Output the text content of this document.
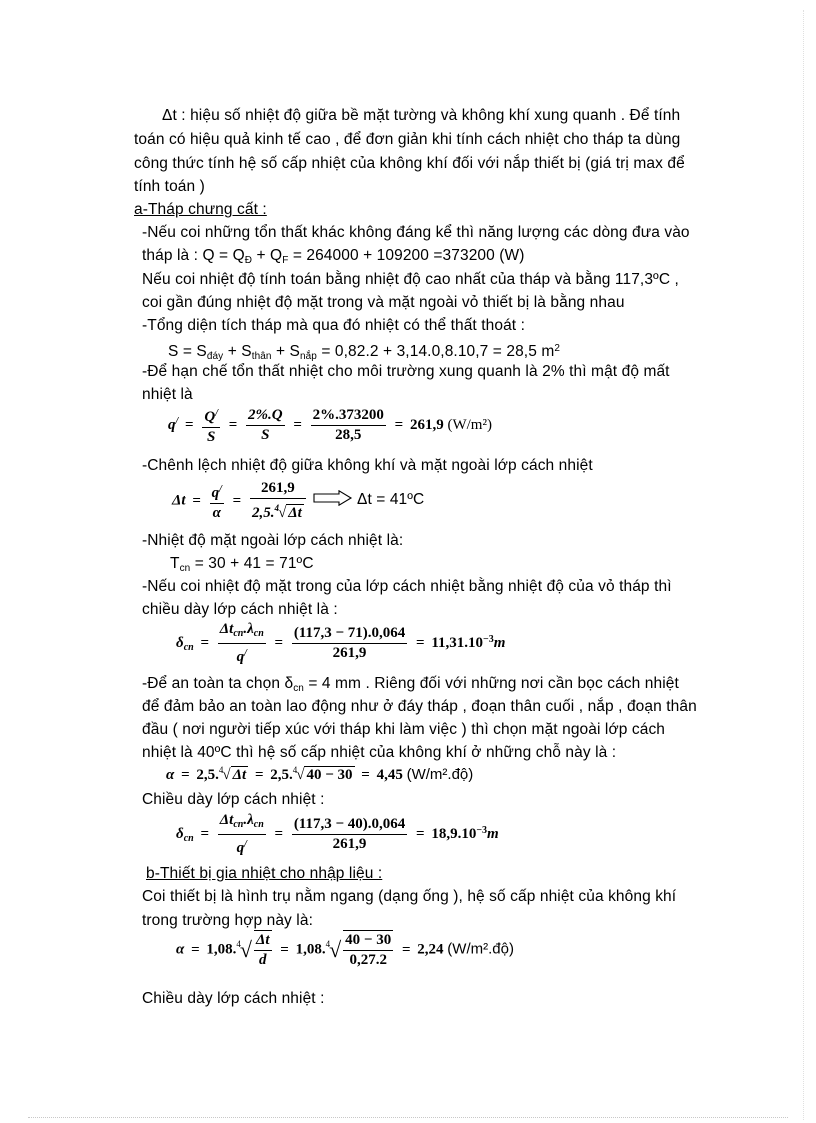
Δt : hiệu số nhiệt độ giữa bề mặt tường và không khí xung quanh . Để tính
toán có hiệu quả kinh tế cao , để đơn giản khi tính cách nhiệt cho tháp ta dùng
công thức tính hệ số cấp nhiệt của không khí đối với nắp thiết bị (giá trị max để
tính toán )
a-Tháp chưng cất :
-Nếu coi những tổn thất khác không đáng kể thì năng lượng các dòng đưa vào
tháp là : $Q = Q_Đ + Q_F = 264000 + 109200 =373200$ (W)
Nếu coi nhiệt độ tính toán bằng nhiệt độ cao nhất của tháp và bằng 117,3ºC ,
coi gần đúng nhiệt độ mặt trong và mặt ngoài vỏ thiết bị là bằng nhau
-Tổng diện tích tháp mà qua đó nhiệt có thể thất thoát :
$S = S_{đáy} + S_{thân} + S_{nắp} = 0,82.2 + 3,14.0,8.10,7 = 28,5$ $m^2$
-Để hạn chế tổn thất nhiệt cho môi trường xung quanh là 2% thì mật độ mất
nhiệt là
$q^/ = \frac{Q^/}{S} = \frac{2\%.Q}{S} = \frac{2\%.373200}{28,5} = 261,9$ (W/m²)
-Chênh lệch nhiệt độ giữa không khí và mặt ngoài lớp cách nhiệt
$\Delta t = \frac{q^/}{\alpha} = \frac{261,9}{2,5.^4√ \Delta t}$	Δt = 41ºC
-Nhiệt độ mặt ngoài lớp cách nhiệt là:
$T_{cn} = 30 + 41$ = 71ºC
-Nếu coi nhiệt độ mặt trong của lớp cách nhiệt bằng nhiệt độ của vỏ tháp thì
chiều dày lớp cách nhiệt là :
$\delta_{cn} = \frac{\Delta t_{cn}.\lambda_{cn}}{q^/} = \frac{(117,3 - 71).0,064}{261,9} = 11,31.10^{-3}m$
-Để an toàn ta chọn $\delta_{cn} = 4$ mm . Riêng đối với những nơi cần bọc cách nhiệt
để đảm bảo an toàn lao động như ở đáy tháp , đoạn thân cuối , nắp , đoạn thân
đầu ( nơi người tiếp xúc với tháp khi làm việc ) thì chọn mặt ngoài lớp cách
nhiệt là 40ºC thì hệ số cấp nhiệt của không khí ở những chỗ này là :
α = 2,5.$^4$√ Δt = 2,5.$^4$√ 40 − 30 = 4,45 (W/m².độ)
Chiều dày lớp cách nhiệt :
$\delta_{cn} = \frac{\Delta t_{cn}.\lambda_{cn}}{q^/} = \frac{(117,3 - 40).0,064}{261,9} = 18,9.10^{-3}m$
b-Thiết bị gia nhiệt cho nhập liệu :
Coi thiết bị là hình trụ nằm ngang (dạng ống ), hệ số cấp nhiệt của không khí
trong trường hợp này là:
$\alpha = 1,08.^4√ \frac{\Delta t}{d} = 1,08.^4√ \frac{40 - 30}{0,27.2} = 2,24$ (W/m².độ)
Chiều dày lớp cách nhiệt :
